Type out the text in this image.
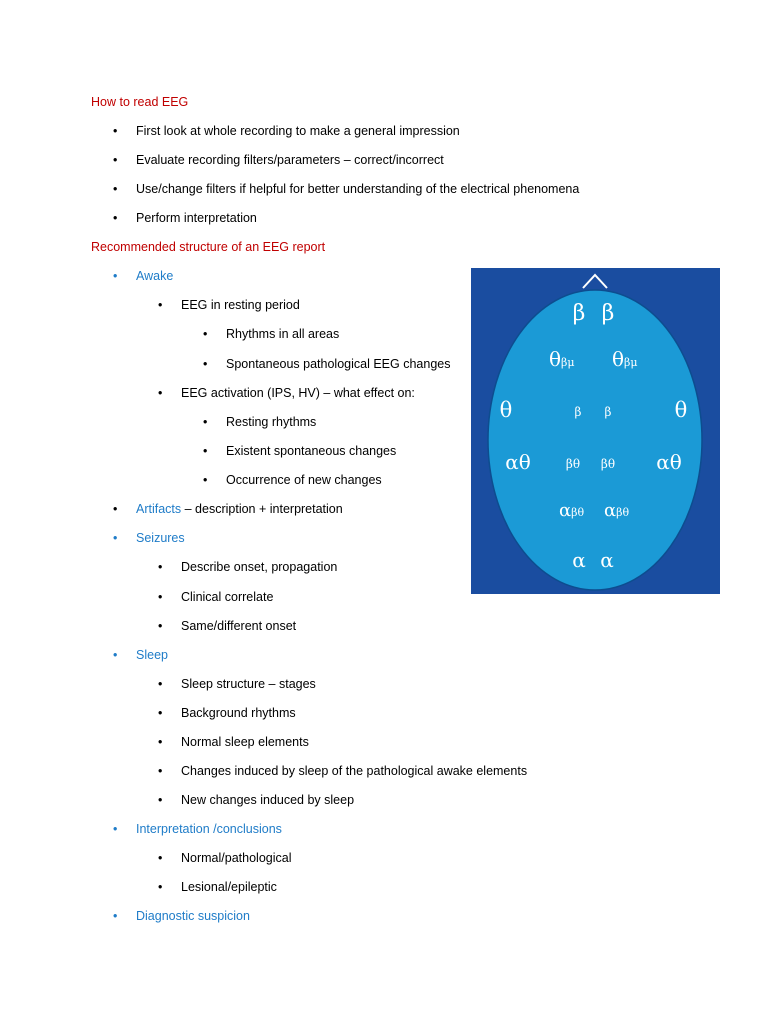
How to read EEG
•
First look at whole recording to make a general impression
•
Evaluate recording filters/parameters – correct/incorrect
•
Use/change filters if helpful for better understanding of the electrical phenomena
•
Perform interpretation
Recommended structure of an EEG report
•
Awake
•
EEG in resting period
•
Rhythms in all areas
•
Spontaneous pathological EEG changes
•
EEG activation (IPS, HV) – what effect on:
•
Resting rhythms
•
Existent spontaneous changes
•
Occurrence of new changes
•
Artifacts – description + interpretation
•
Seizures
•
Describe onset, propagation
•
Clinical correlate
•
Same/different onset
•
Sleep
•
Sleep structure – stages
•
Background rhythms
•
Normal sleep elements
•
Changes induced by sleep of the pathological awake elements
•
New changes induced by sleep
•
Interpretation /conclusions
•
Normal/pathological
•
Lesional/epileptic
•
Diagnostic suspicion
β β
θβμ θβμ
θ	β β	θ
αθ	βθ βθ αθ
αβθ αβθ
α α
